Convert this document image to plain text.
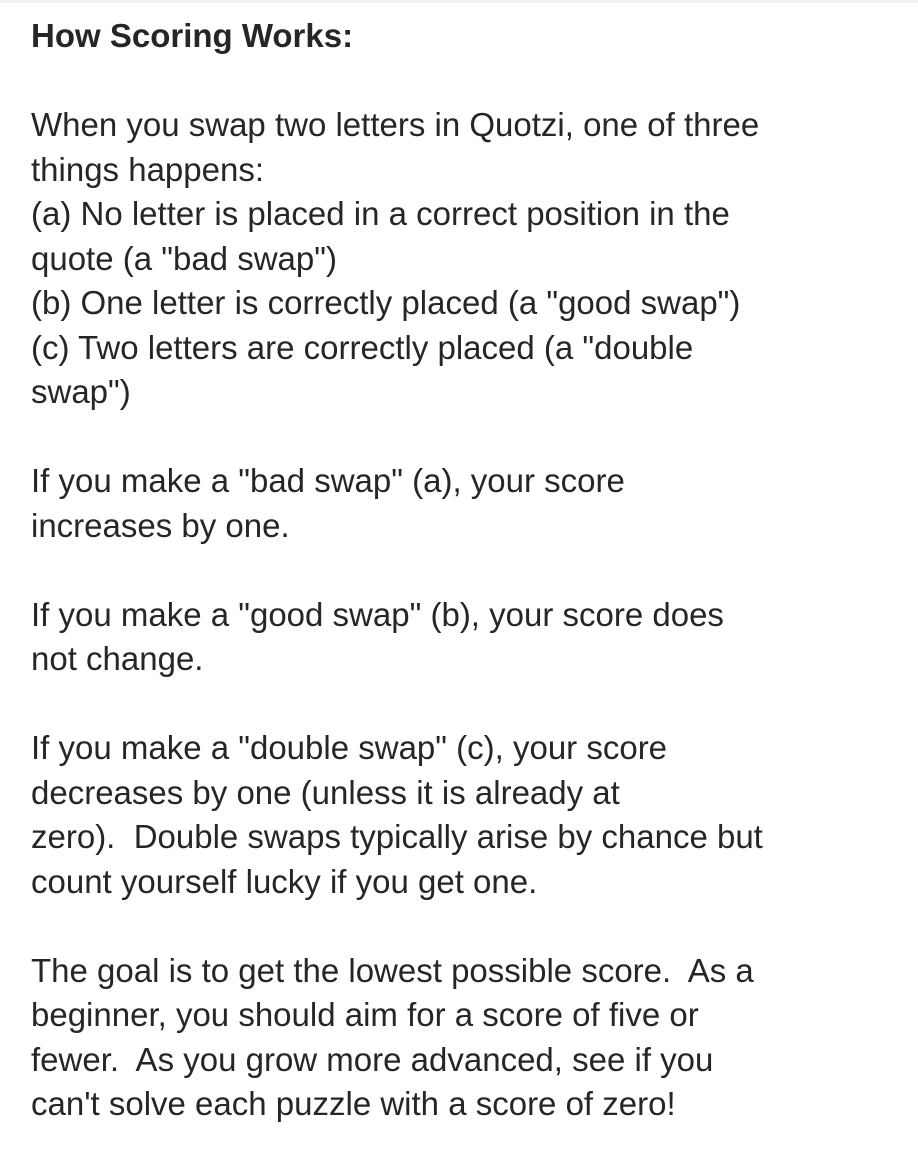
How Scoring Works:
When you swap two letters in Quotzi, one of three
things happens:
(a) No letter is placed in a correct position in the
quote (a "bad swap")
(b) One letter is correctly placed (a "good swap")
(c) Two letters are correctly placed (a "double
swap")
If you make a "bad swap" (a), your score
increases by one.
If you make a "good swap" (b), your score does
not change.
If you make a "double swap" (c), your score
decreases by one (unless it is already at
zero).  Double swaps typically arise by chance but
count yourself lucky if you get one.
The goal is to get the lowest possible score.  As a
beginner, you should aim for a score of five or
fewer.  As you grow more advanced, see if you
can't solve each puzzle with a score of zero!
